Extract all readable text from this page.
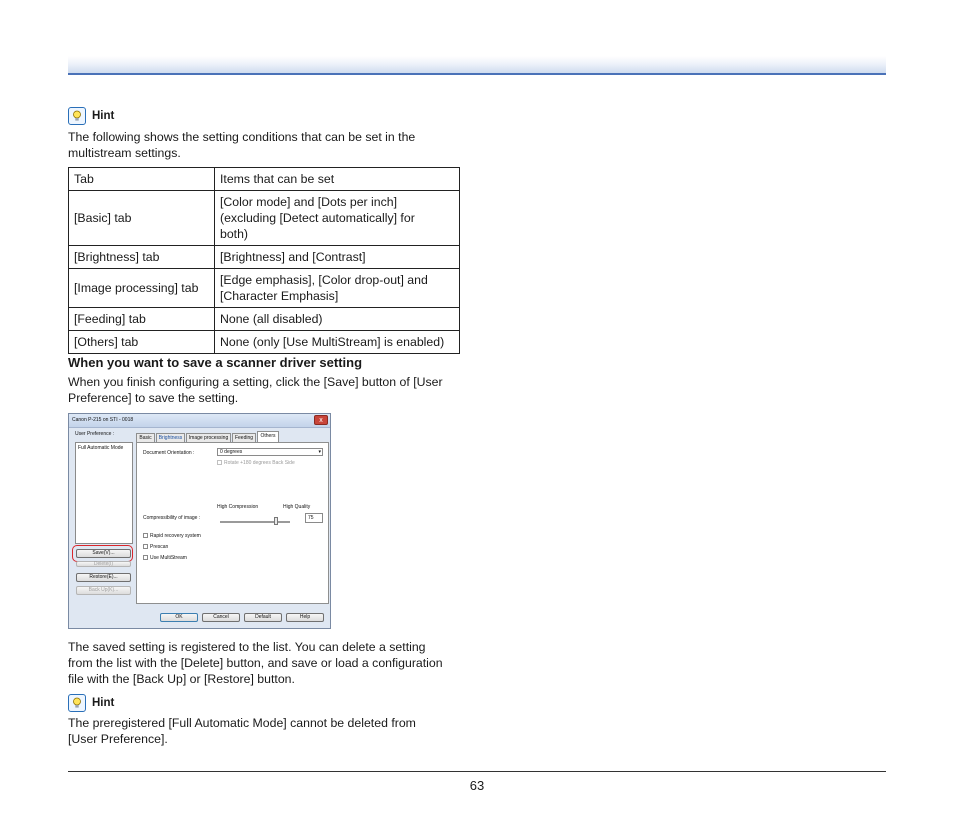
Hint

The following shows the setting conditions that can be set in the
multistream settings.

Tab	Items that can be set
[Basic] tab	[Color mode] and [Dots per inch]
(excluding [Detect automatically] for
both)
[Brightness] tab	[Brightness] and [Contrast]
[Image processing] tab	[Edge emphasis], [Color drop-out] and
[Character Emphasis]
[Feeding] tab	None (all disabled)
[Others] tab	None (only [Use MultiStream] is enabled)
When you want to save a scanner driver setting

When you finish configuring a setting, click the [Save] button of [User
Preference] to save the setting.

Canon P-215 on STI - 0018	x
User Preference :
Full Automatic Mode
Save(V)...
Delete(I)
Restore(E)...
Back Up(K)...
Basic	Brightness	Image processing	Feeding	Others
Document Orientation :	0 degrees	▾
Rotate +180 degrees Back Side
High Compression	High Quality
Compressibility of image :	75
Rapid recovery system
Prescan
Use MultiStream
OK	Cancel	Default	Help

The saved setting is registered to the list. You can delete a setting
from the list with the [Delete] button, and save or load a configuration
file with the [Back Up] or [Restore] button.

Hint

The preregistered [Full Automatic Mode] cannot be deleted from
[User Preference].

63
